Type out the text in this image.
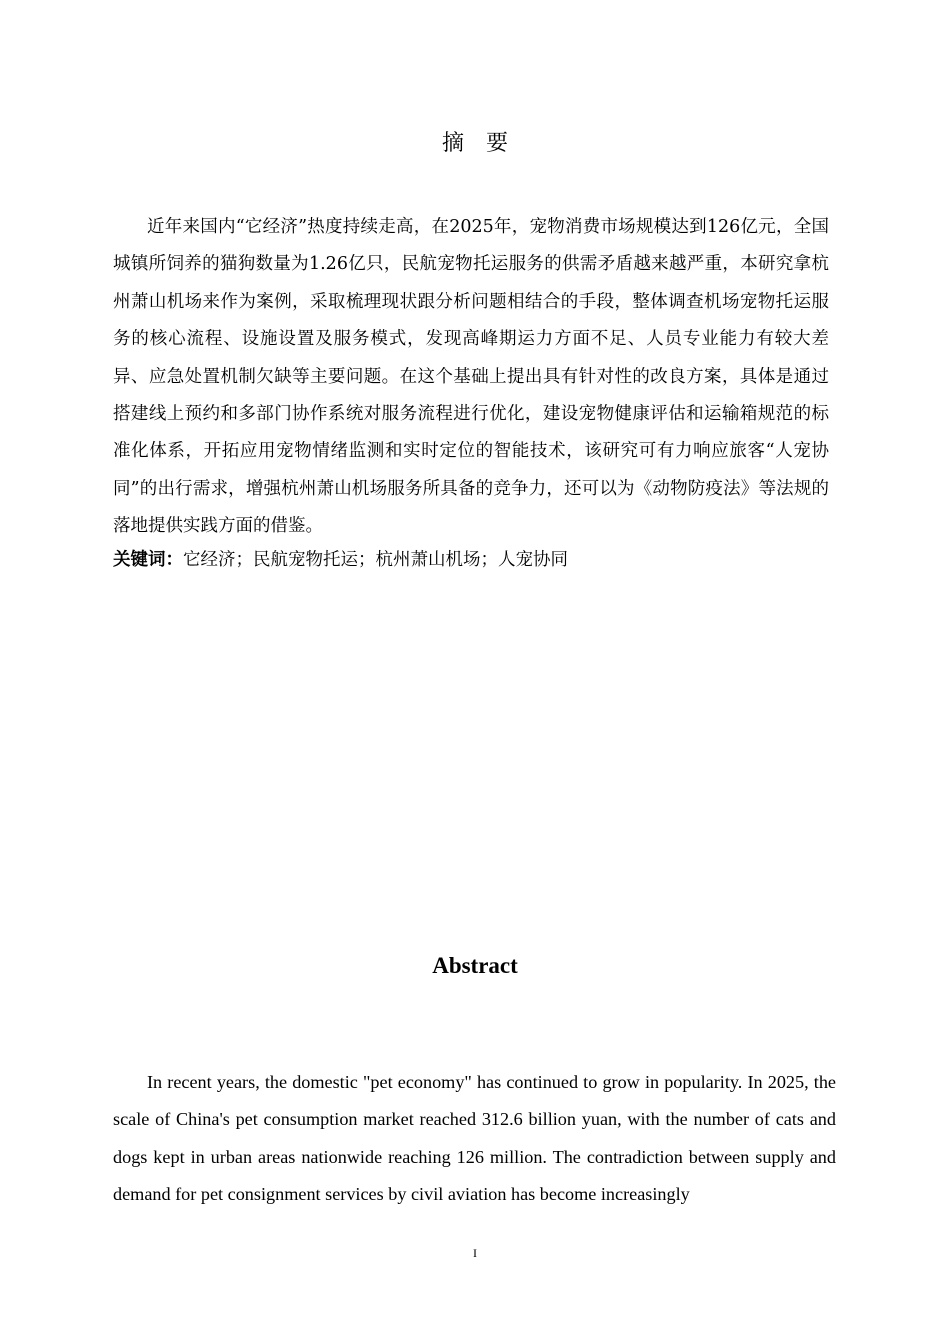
摘要

近年来国内“它经济”热度持续走高，在2025年，宠物消费市场规模达到126亿元，全国城镇所饲养的猫狗数量为1.26亿只，民航宠物托运服务的供需矛盾越来越严重，本研究拿杭州萧山机场来作为案例，采取梳理现状跟分析问题相结合的手段，整体调查机场宠物托运服务的核心流程、设施设置及服务模式，发现高峰期运力方面不足、人员专业能力有较大差异、应急处置机制欠缺等主要问题。在这个基础上提出具有针对性的改良方案，具体是通过搭建线上预约和多部门协作系统对服务流程进行优化，建设宠物健康评估和运输箱规范的标准化体系，开拓应用宠物情绪监测和实时定位的智能技术，该研究可有力响应旅客“人宠协同”的出行需求，增强杭州萧山机场服务所具备的竞争力，还可以为《动物防疫法》等法规的落地提供实践方面的借鉴。

关键词：它经济；民航宠物托运；杭州萧山机场；人宠协同

Abstract

In recent years, the domestic "pet economy" has continued to grow in popularity. In 2025, the scale of China's pet consumption market reached 312.6 billion yuan, with the number of cats and dogs kept in urban areas nationwide reaching 126 million. The contradiction between supply and demand for pet consignment services by civil aviation has become increasingly

I
